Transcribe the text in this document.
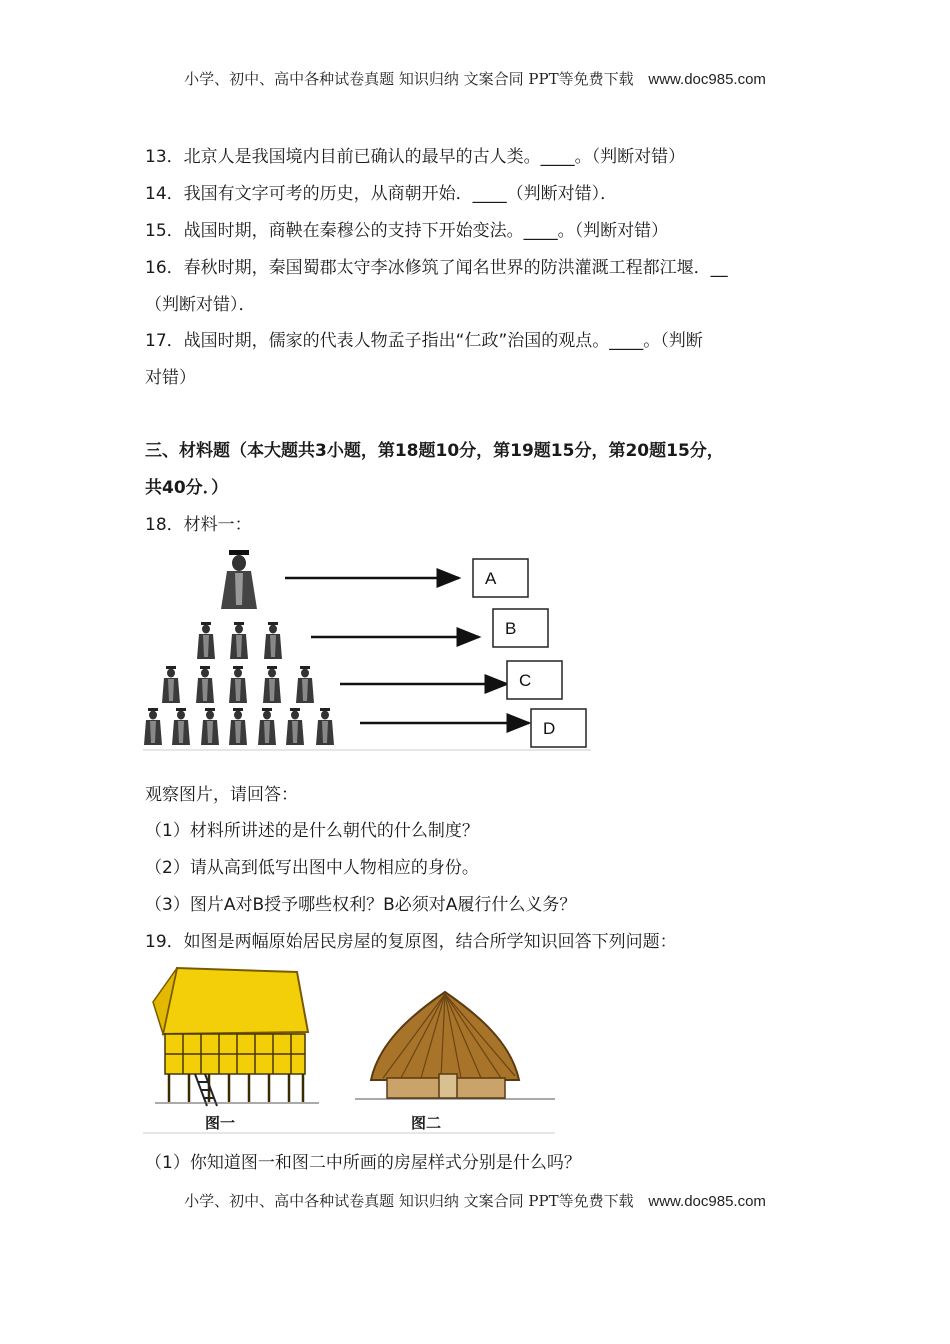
小学、初中、高中各种试卷真题 知识归纳 文案合同 PPT等免费下载 www.doc985.com
13．北京人是我国境内目前已确认的最早的古人类。____。（判断对错）
14．我国有文字可考的历史，从商朝开始．____（判断对错）．
15．战国时期，商鞅在秦穆公的支持下开始变法。____。（判断对错）
16．春秋时期，秦国蜀郡太守李冰修筑了闻名世界的防洪灌溉工程都江堰．__
（判断对错）．
17．战国时期，儒家的代表人物孟子指出“仁政”治国的观点。____。（判断
对错）
三、材料题（本大题共3小题，第18题10分，第19题15分，第20题15分，
共40分．）
18．材料一：
A
B
C
D
观察图片，请回答：
（1）材料所讲述的是什么朝代的什么制度？
（2）请从高到低写出图中人物相应的身份。
（3）图片A对B授予哪些权利？B必须对A履行什么义务？
19．如图是两幅原始居民房屋的复原图，结合所学知识回答下列问题：
图一	图二
（1）你知道图一和图二中所画的房屋样式分别是什么吗？
小学、初中、高中各种试卷真题 知识归纳 文案合同 PPT等免费下载 www.doc985.com
